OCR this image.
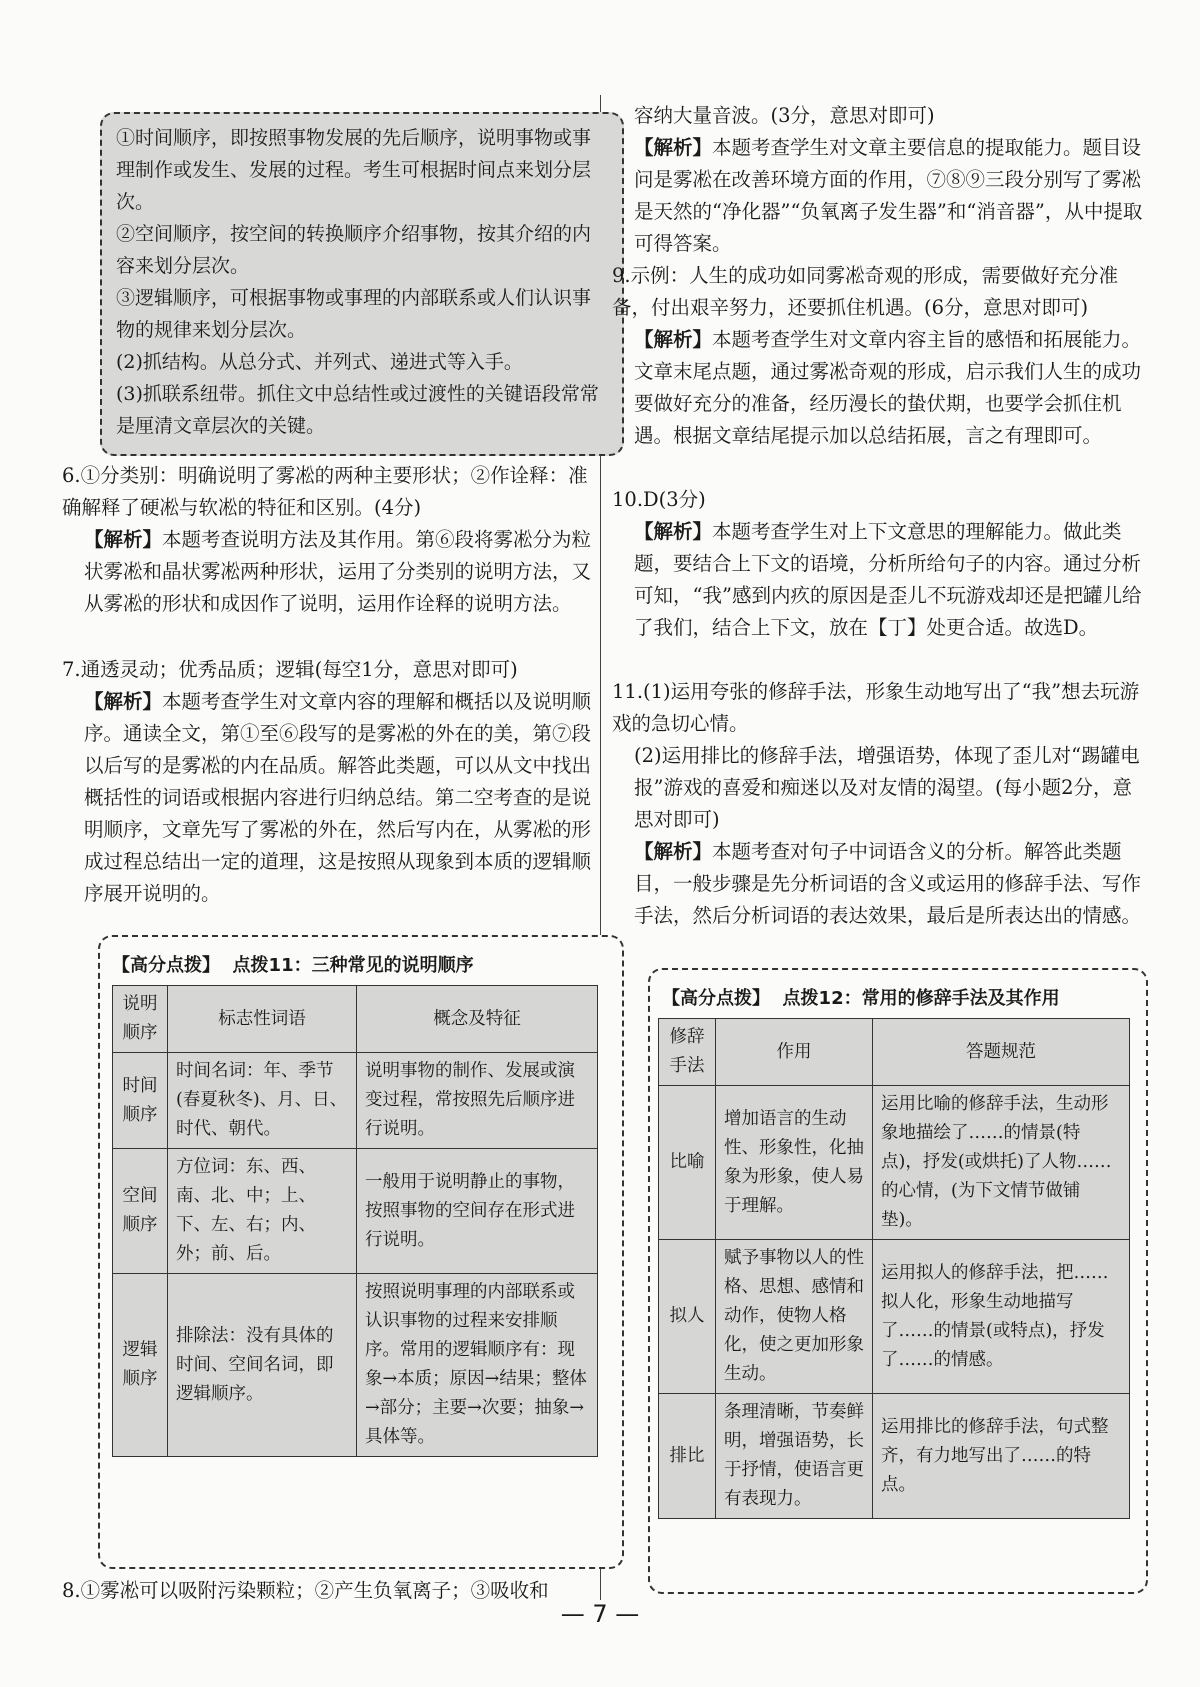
①时间顺序，即按照事物发展的先后顺序，说明事物或事理制作或发生、发展的过程。考生可根据时间点来划分层次。

②空间顺序，按空间的转换顺序介绍事物，按其介绍的内容来划分层次。

③逻辑顺序，可根据事物或事理的内部联系或人们认识事物的规律来划分层次。

(2)抓结构。从总分式、并列式、递进式等入手。

(3)抓联系纽带。抓住文中总结性或过渡性的关键语段常常是厘清文章层次的关键。

6.①分类别：明确说明了雾凇的两种主要形状；②作诠释：准确解释了硬凇与软凇的特征和区别。(4分)

【解析】本题考查说明方法及其作用。第⑥段将雾凇分为粒状雾凇和晶状雾凇两种形状，运用了分类别的说明方法，又从雾凇的形状和成因作了说明，运用作诠释的说明方法。

7.通透灵动；优秀品质；逻辑(每空1分，意思对即可)

【解析】本题考查学生对文章内容的理解和概括以及说明顺序。通读全文，第①至⑥段写的是雾凇的外在的美，第⑦段以后写的是雾凇的内在品质。解答此类题，可以从文中找出概括性的词语或根据内容进行归纳总结。第二空考查的是说明顺序，文章先写了雾凇的外在，然后写内在，从雾凇的形成过程总结出一定的道理，这是按照从现象到本质的逻辑顺序展开说明的。

【高分点拨】 点拨11：三种常见的说明顺序
说明顺序	标志性词语	概念及特征
时间顺序	时间名词：年、季节(春夏秋冬)、月、日、时代、朝代。	说明事物的制作、发展或演变过程，常按照先后顺序进行说明。
空间顺序	方位词：东、西、南、北、中；上、下、左、右；内、外；前、后。	一般用于说明静止的事物，按照事物的空间存在形式进行说明。
逻辑顺序	排除法：没有具体的时间、空间名词，即逻辑顺序。	按照说明事理的内部联系或认识事物的过程来安排顺序。常用的逻辑顺序有：现象→本质；原因→结果；整体→部分；主要→次要；抽象→具体等。

8.①雾凇可以吸附污染颗粒；②产生负氧离子；③吸收和

容纳大量音波。(3分，意思对即可)

【解析】本题考查学生对文章主要信息的提取能力。题目设问是雾凇在改善环境方面的作用，⑦⑧⑨三段分别写了雾凇是天然的“净化器”“负氧离子发生器”和“消音器”，从中提取可得答案。

9.示例：人生的成功如同雾凇奇观的形成，需要做好充分准备，付出艰辛努力，还要抓住机遇。(6分，意思对即可)

【解析】本题考查学生对文章内容主旨的感悟和拓展能力。文章末尾点题，通过雾凇奇观的形成，启示我们人生的成功要做好充分的准备，经历漫长的蛰伏期，也要学会抓住机遇。根据文章结尾提示加以总结拓展，言之有理即可。

10.D(3分)

【解析】本题考查学生对上下文意思的理解能力。做此类题，要结合上下文的语境，分析所给句子的内容。通过分析可知，“我”感到内疚的原因是歪儿不玩游戏却还是把罐儿给了我们，结合上下文，放在【丁】处更合适。故选D。

11.(1)运用夸张的修辞手法，形象生动地写出了“我”想去玩游戏的急切心情。

(2)运用排比的修辞手法，增强语势，体现了歪儿对“踢罐电报”游戏的喜爱和痴迷以及对友情的渴望。(每小题2分，意思对即可)

【解析】本题考查对句子中词语含义的分析。解答此类题目，一般步骤是先分析词语的含义或运用的修辞手法、写作手法，然后分析词语的表达效果，最后是所表达出的情感。

【高分点拨】 点拨12：常用的修辞手法及其作用
修辞手法	作用	答题规范
比喻	增加语言的生动性、形象性，化抽象为形象，使人易于理解。	运用比喻的修辞手法，生动形象地描绘了……的情景(特点)，抒发(或烘托)了人物……的心情，(为下文情节做铺垫)。
拟人	赋予事物以人的性格、思想、感情和动作，使物人格化，使之更加形象生动。	运用拟人的修辞手法，把……拟人化，形象生动地描写了……的情景(或特点)，抒发了……的情感。
排比	条理清晰，节奏鲜明，增强语势，长于抒情，使语言更有表现力。	运用排比的修辞手法，句式整齐，有力地写出了……的特点。
— 7 —
